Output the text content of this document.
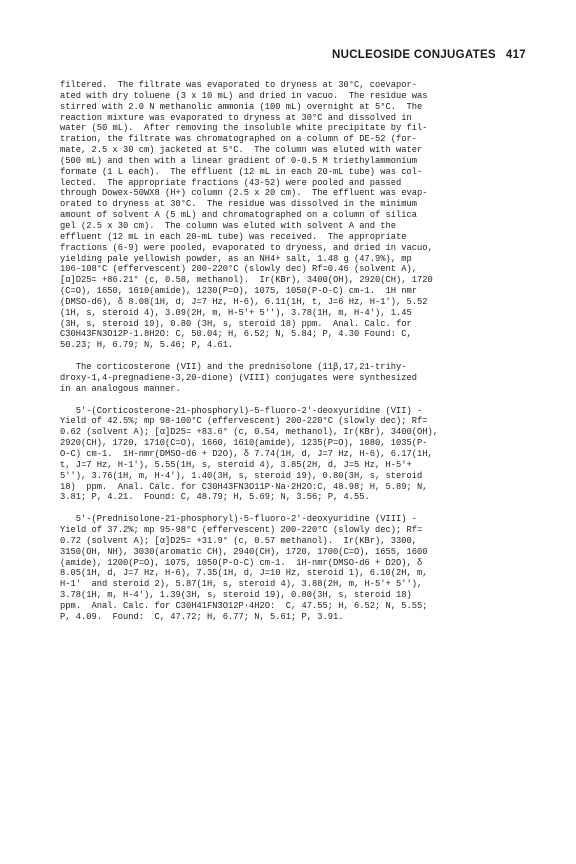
NUCLEOSIDE CONJUGATES 417
filtered.  The filtrate was evaporated to dryness at 30°C, coevapor-
ated with dry toluene (3 x 10 mL) and dried in vacuo.  The residue was
stirred with 2.0 N methanolic ammonia (100 mL) overnight at 5°C.  The
reaction mixture was evaporated to dryness at 30°C and dissolved in
water (50 mL).  After removing the insoluble white precipitate by fil-
tration, the filtrate was chromatographed on a column of DE-52 (for-
mate, 2.5 x 30 cm) jacketed at 5°C.  The column was eluted with water
(500 mL) and then with a linear gradient of 0-0.5 M triethylammonium
formate (1 L each).  The effluent (12 mL in each 20-mL tube) was col-
lected.  The appropriate fractions (43-52) were pooled and passed
through Dowex-50WX8 (H+) column (2.5 x 20 cm).  The effluent was evap-
orated to dryness at 30°C.  The residue was dissolved in the minimum
amount of solvent A (5 mL) and chromatographed on a column of silica
gel (2.5 x 30 cm).  The column was eluted with solvent A and the
effluent (12 mL in each 20-mL tube) was received.  The appropriate
fractions (6-9) were pooled, evaporated to dryness, and dried in vacuo,
yielding pale yellowish powder, as an NH4+ salt, 1.48 g (47.9%), mp
106-108°C (effervescent) 200-220°C (slowly dec) Rf=0.46 (solvent A),
[α]D25= +86.21° (c, 0.58, methanol).  Ir(KBr), 3400(OH), 2920(CH), 1720
(C=O), 1650, 1610(amide), 1230(P=O), 1075, 1050(P-O-C) cm-1.  1H nmr
(DMSO-d6), δ 8.08(1H, d, J=7 Hz, H-6), 6.11(1H, t, J=6 Hz, H-1'), 5.52
(1H, s, steroid 4), 3.09(2H, m, H-5'+ 5''), 3.78(1H, m, H-4'), 1.45
(3H, s, steroid 19), 0.80 (3H, s, steroid 18) ppm.  Anal. Calc. for
C30H43FN3O12P·1.8H2O: C, 50.04; H, 6.52; N, 5.84; P, 4.30 Found: C,
50.23; H, 6.79; N, 5.46; P, 4.61.
The corticosterone (VII) and the prednisolone (11β,17,21-trihy-
droxy-1,4-pregnadiene-3,20-dione) (VIII) conjugates were synthesized
in an analogous manner.
5'-(Corticosterone-21-phosphoryl)-5-fluoro-2'-deoxyuridine (VII) -
Yield of 42.5%; mp 98-100°C (effervescent) 200-220°C (slowly dec); Rf=
0.62 (solvent A); [α]D25= +83.6° (c, 0.54, methanol), Ir(KBr), 3400(OH),
2920(CH), 1720, 1710(C=O), 1660, 1610(amide), 1235(P=O), 1080, 1035(P-
O-C) cm-1.  1H-nmr(DMSO-d6 + D2O), δ 7.74(1H, d, J=7 Hz, H-6), 6.17(1H,
t, J=7 Hz, H-1'), 5.55(1H, s, steroid 4), 3.85(2H, d, J=5 Hz, H-5'+
5''), 3.76(1H, m, H-4'), 1.40(3H, s, steroid 19), 0.80(3H, s, steroid
18)  ppm.  Anal. Calc. for C30H43FN3O11P·Na·2H2O:C, 48.98; H, 5.89; N,
3.81; P, 4.21.  Found: C, 48.79; H, 5.69; N, 3.56; P, 4.55.
5'-(Prednisolone-21-phosphoryl)-5-fluoro-2'-deoxyuridine (VIII) -
Yield of 37.2%; mp 95-98°C (effervescent) 200-220°C (slowly dec); Rf=
0.72 (solvent A); [α]D25= +31.9° (c, 0.57 methanol).  Ir(KBr), 3300,
3150(OH, NH), 3030(aromatic CH), 2940(CH), 1720, 1700(C=O), 1655, 1600
(amide), 1200(P=O), 1075, 1050(P-O-C) cm-1.  1H-nmr(DMSO-d6 + D2O), δ
8.05(1H, d, J=7 Hz, H-6), 7.35(1H, d, J=10 Hz, steroid 1), 6.10(2H, m,
H-1'  and steroid 2), 5.87(1H, s, steroid 4), 3.88(2H, m, H-5'+ 5''),
3.78(1H, m, H-4'), 1.39(3H, s, steroid 19), 0.80(3H, s, steroid 18)
ppm.  Anal. Calc. for C30H41FN3O12P·4H2O:  C, 47.55; H, 6.52; N, 5.55;
P, 4.09.  Found:  C, 47.72; H, 6.77; N, 5.61; P, 3.91.
